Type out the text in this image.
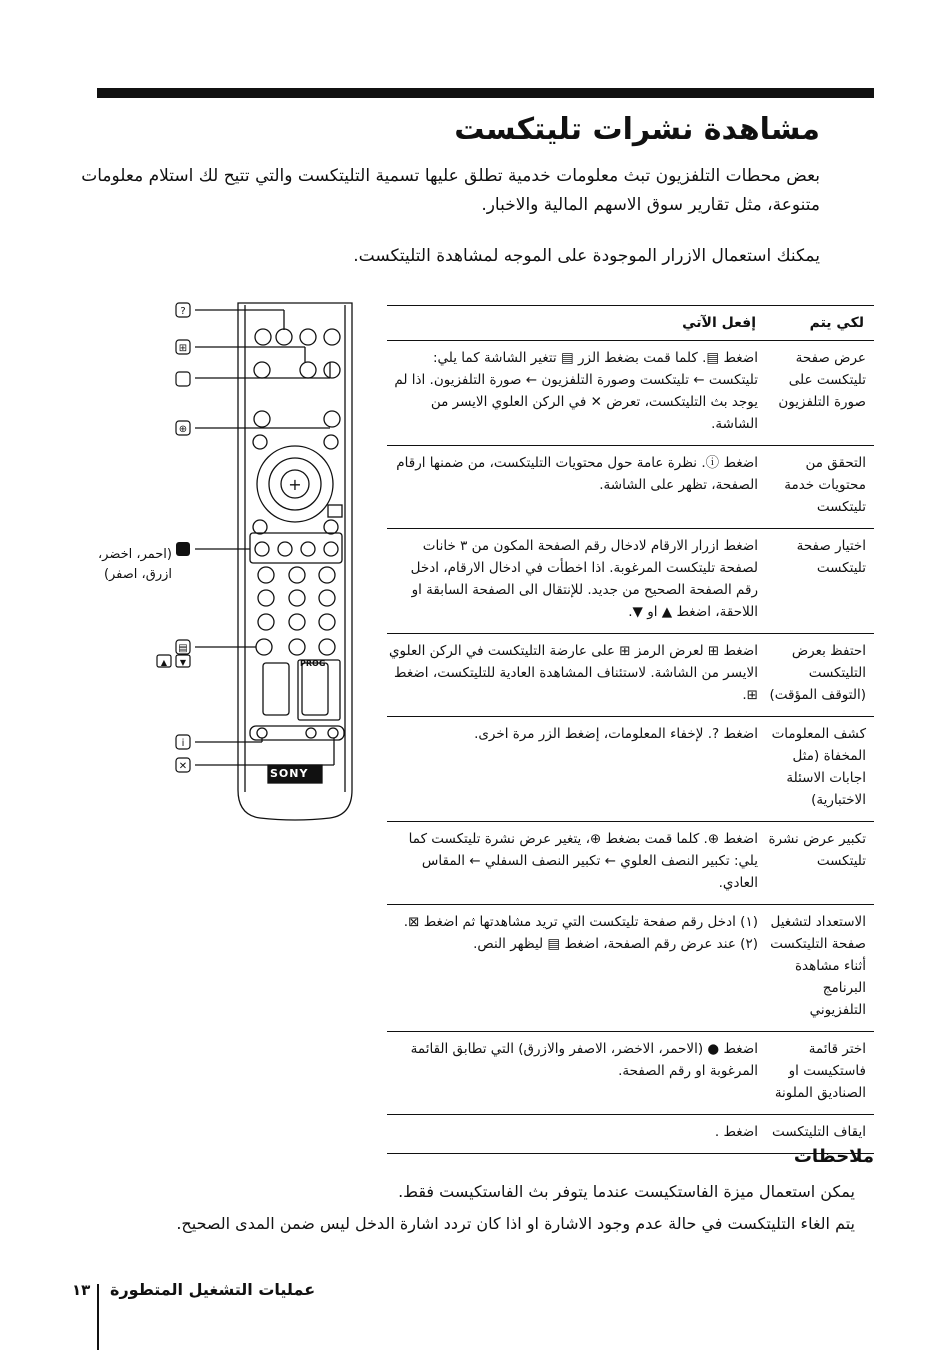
مشاهدة نشرات تليتكست
بعض محطات التلفزيون تبث معلومات خدمية تطلق عليها تسمية التليتكست والتي تتيح لك استلام معلومات متنوعة، مثل تقارير سوق الاسهم المالية والاخبار.
يمكنك استعمال الازرار الموجودة على الموجه لمشاهدة التليتكست.
?
⊞
⊕
▤
▲ ▼
i
✕
+
PROG
SONY
(احمر، اخضر، ازرق، اصفر)
لكي يتم	إفعل الآتي
عرض صفحة تليتكست على صورة التلفزيون	اضغط ▤. كلما قمت بضغط الزر ▤ تتغير الشاشة كما يلي: تليتكست ← تليتكست وصورة التلفزيون ← صورة التلفزيون. اذا لم يوجد بث التليتكست، تعرض ✕ في الركن العلوي الايسر من الشاشة.
التحقق من محتويات خدمة تليتكست	اضغط ⓘ. نظرة عامة حول محتويات التليتكست، من ضمنها ارقام الصفحة، تظهر على الشاشة.
اختيار صفحة تليتكست	اضغط ازرار الارقام لادخال رقم الصفحة المكون من ٣ خانات لصفحة تليتكست المرغوبة. اذا اخطأت في ادخال الارقام، ادخل رقم الصفحة الصحيح من جديد. للإنتقال الى الصفحة السابقة او اللاحقة، اضغط ▲ او ▼.
احتفظ بعرض التليتكست (التوقف المؤقت)	اضغط ⊞ لعرض الرمز ⊞ على عارضة التليتكست في الركن العلوي الايسر من الشاشة. لاستئناف المشاهدة العادية للتليتكست، اضغط ⊞.
كشف المعلومات المخفاة (مثل اجابات الاسئلة الاختبارية)	اضغط ?. لإخفاء المعلومات، إضغط الزر مرة اخرى.
تكبير عرض نشرة تليتكست	اضغط ⊕. كلما قمت بضغط ⊕، يتغير عرض نشرة تليتكست كما يلي: تكبير النصف العلوي ← تكبير النصف السفلي ← المقاس العادي.
الاستعداد لتشغيل صفحة التليتكست أثناء مشاهدة البرنامج التلفزيوني	(١) ادخل رقم صفحة تليتكست التي تريد مشاهدتها ثم اضغط ⊠. (٢) عند عرض رقم الصفحة، اضغط ▤ ليظهر النص.
اختر قائمة فاستكيست او الصناديق الملونة	اضغط ● (الاحمر، الاخضر، الاصفر والازرق) التي تطابق القائمة المرغوبة او رقم الصفحة.
ايقاف التليتكست	اضغط .
ملاحظات
يمكن استعمال ميزة الفاستكيست عندما يتوفر بث الفاستكيست فقط.
يتم الغاء التليتكست في حالة عدم وجود الاشارة او اذا كان تردد اشارة الدخل ليس ضمن المدى الصحيح.
١٣ عمليات التشغيل المتطورة
